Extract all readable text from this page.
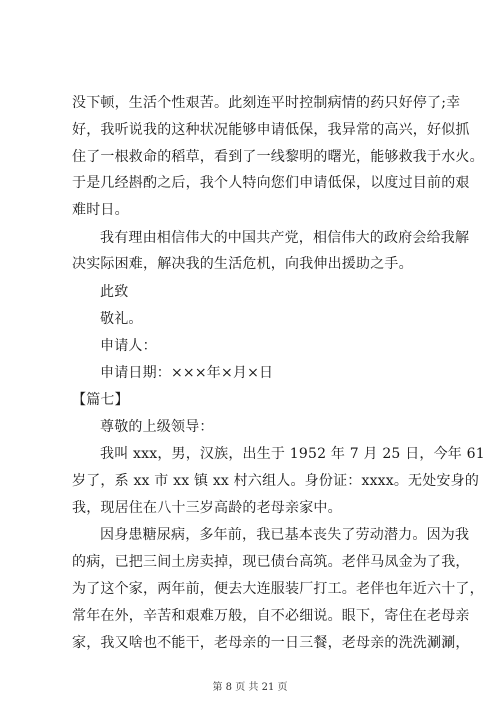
没下顿，生活个性艰苦。此刻连平时控制病情的药只好停了;幸
好，我听说我的这种状况能够申请低保，我异常的高兴，好似抓
住了一根救命的稻草，看到了一线黎明的曙光，能够救我于水火。
于是几经斟酌之后，我个人特向您们申请低保，以度过目前的艰
难时日。
我有理由相信伟大的中国共产党，相信伟大的政府会给我解
决实际困难，解决我的生活危机，向我伸出援助之手。
此致
敬礼。
申请人：
申请日期：×××年×月×日
【篇七】
尊敬的上级领导：
我叫 xxx，男，汉族，出生于 1952 年 7 月 25 日，今年 61
岁了，系 xx 市 xx 镇 xx 村六组人。身份证：xxxx。无处安身的
我，现居住在八十三岁高龄的老母亲家中。
因身患糖尿病，多年前，我已基本丧失了劳动潜力。因为我
的病，已把三间土房卖掉，现已债台高筑。老伴马凤金为了我，
为了这个家，两年前，便去大连服装厂打工。老伴也年近六十了，
常年在外，辛苦和艰难万般，自不必细说。眼下，寄住在老母亲
家，我又啥也不能干，老母亲的一日三餐，老母亲的洗洗涮涮，
第 8 页 共 21 页
